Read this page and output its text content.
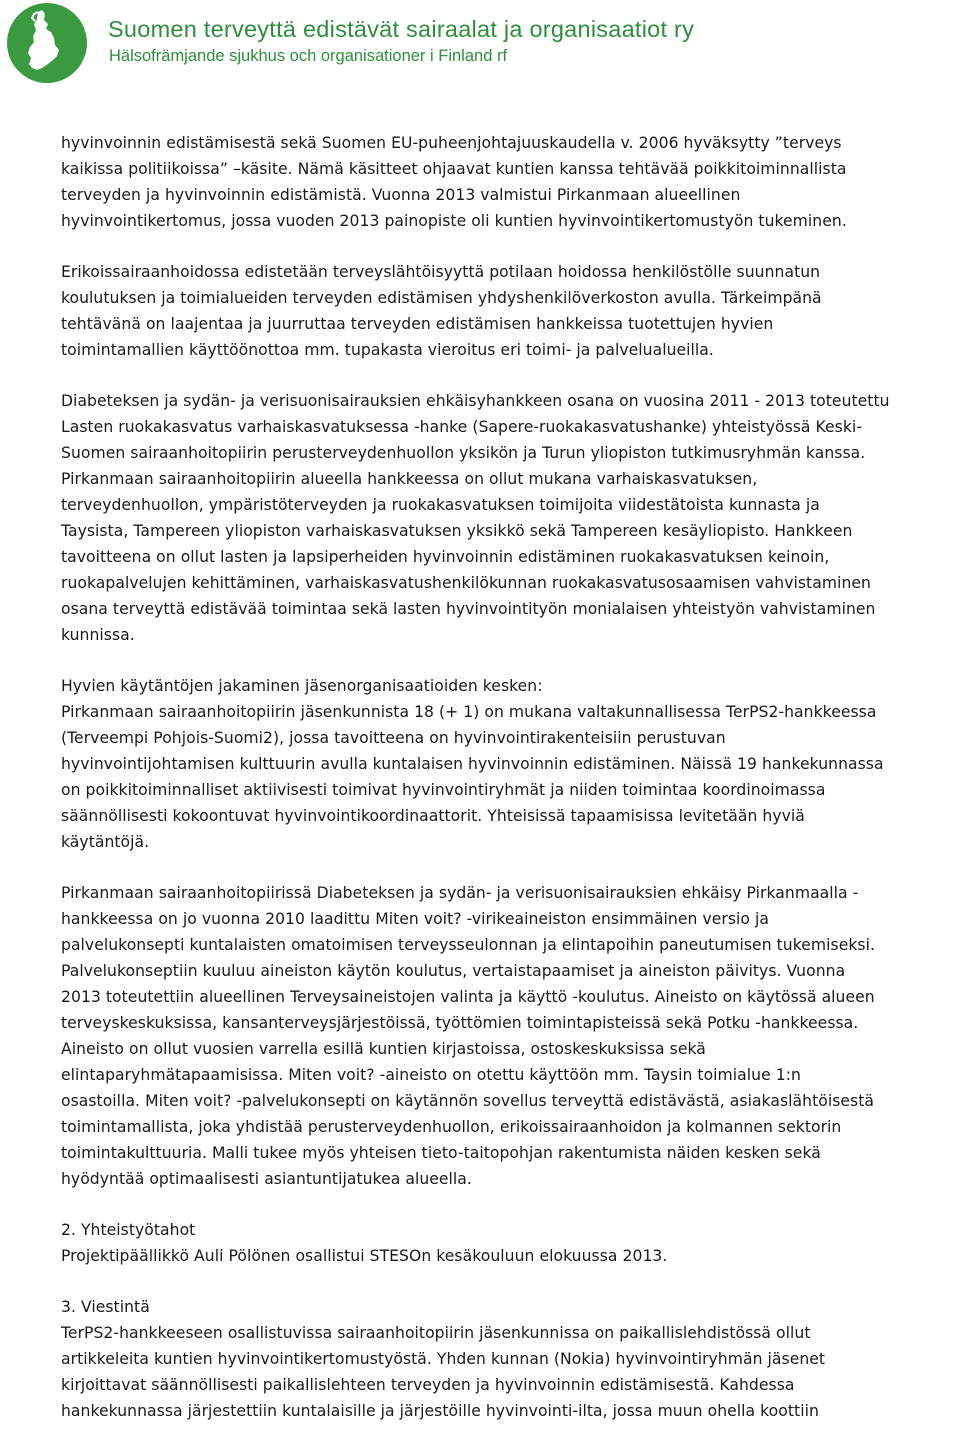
Suomen terveyttä edistävät sairaalat ja organisaatiot ry
Hälsofrämjande sjukhus och organisationer i Finland rf

hyvinvoinnin edistämisestä sekä Suomen EU-puheenjohtajuuskaudella v. 2006 hyväksytty ”terveys
kaikissa politiikoissa” –käsite. Nämä käsitteet ohjaavat kuntien kanssa tehtävää poikkitoiminnallista
terveyden ja hyvinvoinnin edistämistä. Vuonna 2013 valmistui Pirkanmaan alueellinen
hyvinvointikertomus, jossa vuoden 2013 painopiste oli kuntien hyvinvointikertomustyön tukeminen.

Erikoissairaanhoidossa edistetään terveyslähtöisyyttä potilaan hoidossa henkilöstölle suunnatun
koulutuksen ja toimialueiden terveyden edistämisen yhdyshenkilöverkoston avulla. Tärkeimpänä
tehtävänä on laajentaa ja juurruttaa terveyden edistämisen hankkeissa tuotettujen hyvien
toimintamallien käyttöönottoa mm. tupakasta vieroitus eri toimi- ja palvelualueilla.

Diabeteksen ja sydän- ja verisuonisairauksien ehkäisyhankkeen osana on vuosina 2011 - 2013 toteutettu
Lasten ruokakasvatus varhaiskasvatuksessa -hanke (Sapere-ruokakasvatushanke) yhteistyössä Keski-
Suomen sairaanhoitopiirin perusterveydenhuollon yksikön ja Turun yliopiston tutkimusryhmän kanssa.
Pirkanmaan sairaanhoitopiirin alueella hankkeessa on ollut mukana varhaiskasvatuksen,
terveydenhuollon, ympäristöterveyden ja ruokakasvatuksen toimijoita viidestätoista kunnasta ja
Taysista, Tampereen yliopiston varhaiskasvatuksen yksikkö sekä Tampereen kesäyliopisto. Hankkeen
tavoitteena on ollut lasten ja lapsiperheiden hyvinvoinnin edistäminen ruokakasvatuksen keinoin,
ruokapalvelujen kehittäminen, varhaiskasvatushenkilökunnan ruokakasvatusosaamisen vahvistaminen
osana terveyttä edistävää toimintaa sekä lasten hyvinvointityön monialaisen yhteistyön vahvistaminen
kunnissa.

Hyvien käytäntöjen jakaminen jäsenorganisaatioiden kesken:
Pirkanmaan sairaanhoitopiirin jäsenkunnista 18 (+ 1) on mukana valtakunnallisessa TerPS2-hankkeessa
(Terveempi Pohjois-Suomi2), jossa tavoitteena on hyvinvointirakenteisiin perustuvan
hyvinvointijohtamisen kulttuurin avulla kuntalaisen hyvinvoinnin edistäminen. Näissä 19 hankekunnassa
on poikkitoiminnalliset aktiivisesti toimivat hyvinvointiryhmät ja niiden toimintaa koordinoimassa
säännöllisesti kokoontuvat hyvinvointikoordinaattorit. Yhteisissä tapaamisissa levitetään hyviä
käytäntöjä.

Pirkanmaan sairaanhoitopiirissä Diabeteksen ja sydän- ja verisuonisairauksien ehkäisy Pirkanmaalla -
hankkeessa on jo vuonna 2010 laadittu Miten voit? -virikeaineiston ensimmäinen versio ja
palvelukonsepti kuntalaisten omatoimisen terveysseulonnan ja elintapoihin paneutumisen tukemiseksi.
Palvelukonseptiin kuuluu aineiston käytön koulutus, vertaistapaamiset ja aineiston päivitys. Vuonna
2013 toteutettiin alueellinen Terveysaineistojen valinta ja käyttö -koulutus. Aineisto on käytössä alueen
terveyskeskuksissa, kansanterveysjärjestöissä, työttömien toimintapisteissä sekä Potku -hankkeessa.
Aineisto on ollut vuosien varrella esillä kuntien kirjastoissa, ostoskeskuksissa sekä
elintaparyhmätapaamisissa. Miten voit? -aineisto on otettu käyttöön mm. Taysin toimialue 1:n
osastoilla. Miten voit? -palvelukonsepti on käytännön sovellus terveyttä edistävästä, asiakaslähtöisestä
toimintamallista, joka yhdistää perusterveydenhuollon, erikoissairaanhoidon ja kolmannen sektorin
toimintakulttuuria. Malli tukee myös yhteisen tieto-taitopohjan rakentumista näiden kesken sekä
hyödyntää optimaalisesti asiantuntijatukea alueella.

2. Yhteistyötahot
Projektipäällikkö Auli Pölönen osallistui STESOn kesäkouluun elokuussa 2013.

3. Viestintä
TerPS2-hankkeeseen osallistuvissa sairaanhoitopiirin jäsenkunnissa on paikallislehdistössä ollut
artikkeleita kuntien hyvinvointikertomustyöstä. Yhden kunnan (Nokia) hyvinvointiryhmän jäsenet
kirjoittavat säännöllisesti paikallislehteen terveyden ja hyvinvoinnin edistämisestä. Kahdessa
hankekunnassa järjestettiin kuntalaisille ja järjestöille hyvinvointi-ilta, jossa muun ohella koottiin
